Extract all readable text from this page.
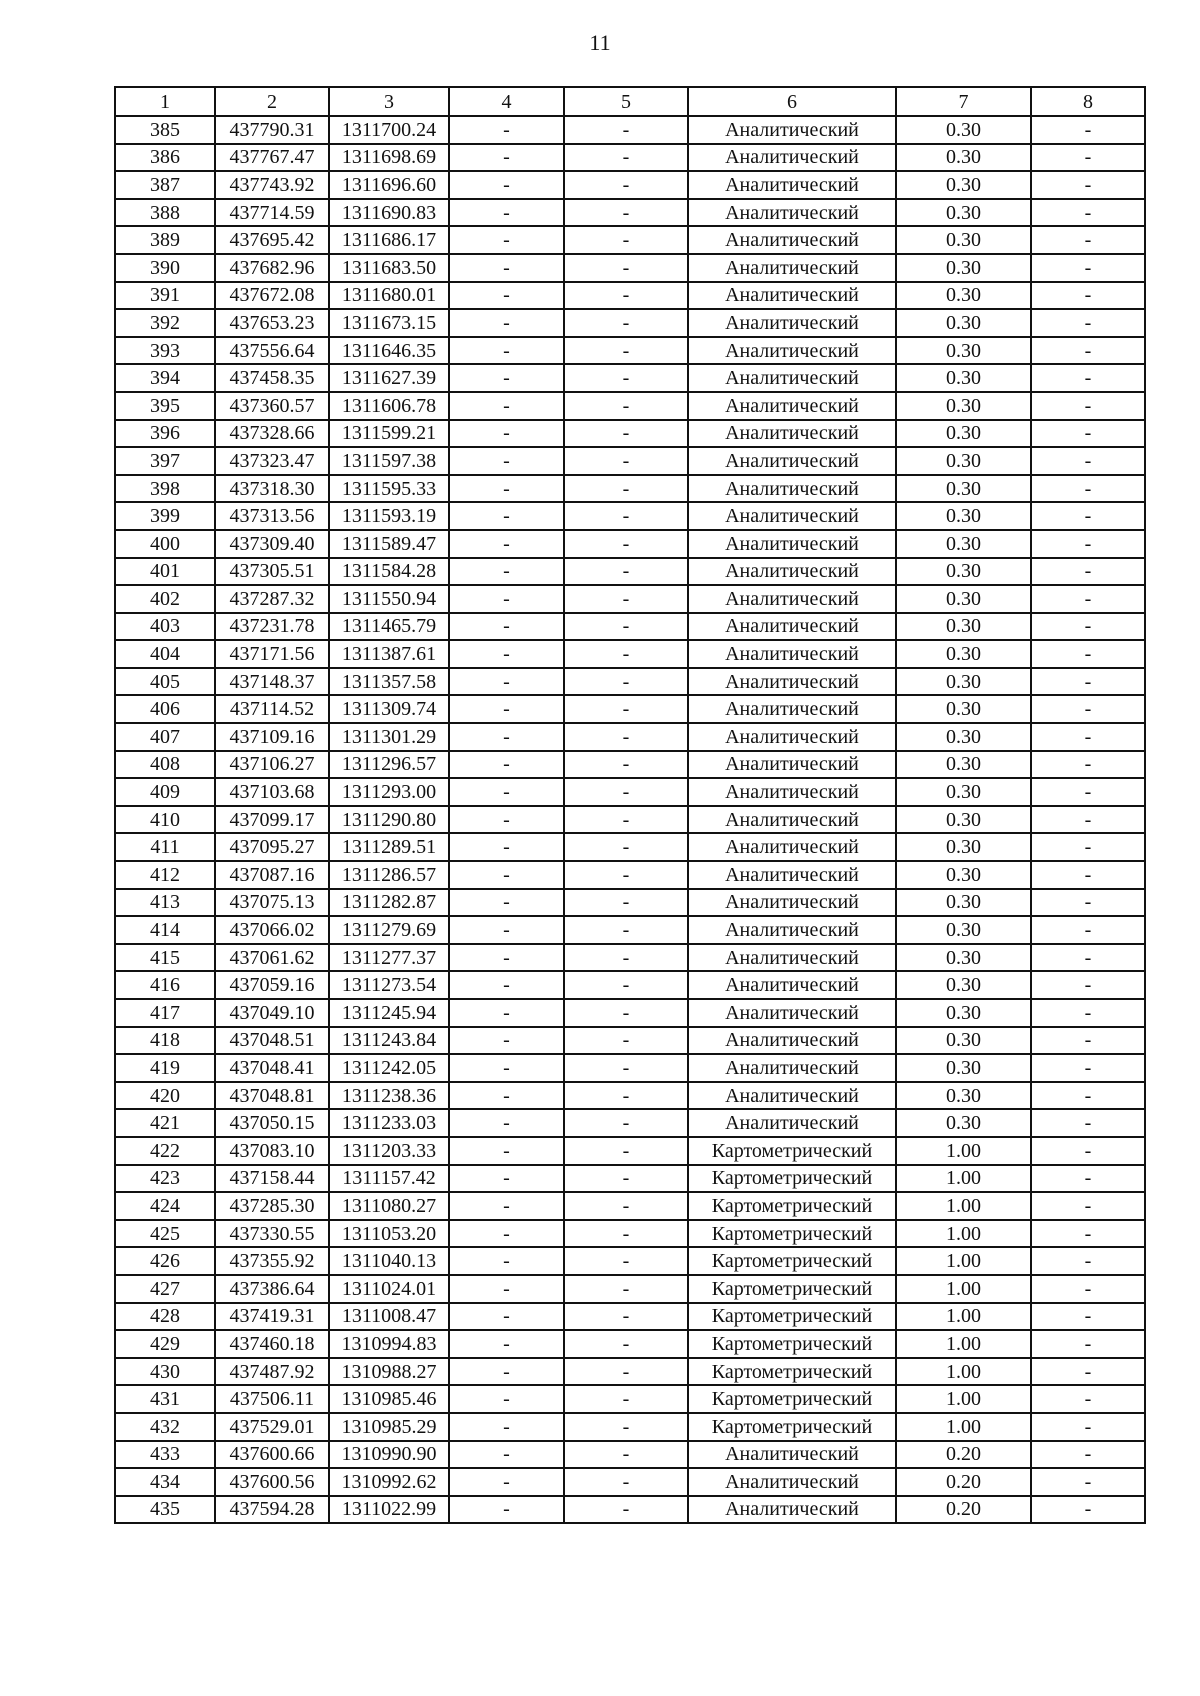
11
1	2	3	4	5	6	7	8
385	437790.31	1311700.24	-	-	Аналитический	0.30	-
386	437767.47	1311698.69	-	-	Аналитический	0.30	-
387	437743.92	1311696.60	-	-	Аналитический	0.30	-
388	437714.59	1311690.83	-	-	Аналитический	0.30	-
389	437695.42	1311686.17	-	-	Аналитический	0.30	-
390	437682.96	1311683.50	-	-	Аналитический	0.30	-
391	437672.08	1311680.01	-	-	Аналитический	0.30	-
392	437653.23	1311673.15	-	-	Аналитический	0.30	-
393	437556.64	1311646.35	-	-	Аналитический	0.30	-
394	437458.35	1311627.39	-	-	Аналитический	0.30	-
395	437360.57	1311606.78	-	-	Аналитический	0.30	-
396	437328.66	1311599.21	-	-	Аналитический	0.30	-
397	437323.47	1311597.38	-	-	Аналитический	0.30	-
398	437318.30	1311595.33	-	-	Аналитический	0.30	-
399	437313.56	1311593.19	-	-	Аналитический	0.30	-
400	437309.40	1311589.47	-	-	Аналитический	0.30	-
401	437305.51	1311584.28	-	-	Аналитический	0.30	-
402	437287.32	1311550.94	-	-	Аналитический	0.30	-
403	437231.78	1311465.79	-	-	Аналитический	0.30	-
404	437171.56	1311387.61	-	-	Аналитический	0.30	-
405	437148.37	1311357.58	-	-	Аналитический	0.30	-
406	437114.52	1311309.74	-	-	Аналитический	0.30	-
407	437109.16	1311301.29	-	-	Аналитический	0.30	-
408	437106.27	1311296.57	-	-	Аналитический	0.30	-
409	437103.68	1311293.00	-	-	Аналитический	0.30	-
410	437099.17	1311290.80	-	-	Аналитический	0.30	-
411	437095.27	1311289.51	-	-	Аналитический	0.30	-
412	437087.16	1311286.57	-	-	Аналитический	0.30	-
413	437075.13	1311282.87	-	-	Аналитический	0.30	-
414	437066.02	1311279.69	-	-	Аналитический	0.30	-
415	437061.62	1311277.37	-	-	Аналитический	0.30	-
416	437059.16	1311273.54	-	-	Аналитический	0.30	-
417	437049.10	1311245.94	-	-	Аналитический	0.30	-
418	437048.51	1311243.84	-	-	Аналитический	0.30	-
419	437048.41	1311242.05	-	-	Аналитический	0.30	-
420	437048.81	1311238.36	-	-	Аналитический	0.30	-
421	437050.15	1311233.03	-	-	Аналитический	0.30	-
422	437083.10	1311203.33	-	-	Картометрический	1.00	-
423	437158.44	1311157.42	-	-	Картометрический	1.00	-
424	437285.30	1311080.27	-	-	Картометрический	1.00	-
425	437330.55	1311053.20	-	-	Картометрический	1.00	-
426	437355.92	1311040.13	-	-	Картометрический	1.00	-
427	437386.64	1311024.01	-	-	Картометрический	1.00	-
428	437419.31	1311008.47	-	-	Картометрический	1.00	-
429	437460.18	1310994.83	-	-	Картометрический	1.00	-
430	437487.92	1310988.27	-	-	Картометрический	1.00	-
431	437506.11	1310985.46	-	-	Картометрический	1.00	-
432	437529.01	1310985.29	-	-	Картометрический	1.00	-
433	437600.66	1310990.90	-	-	Аналитический	0.20	-
434	437600.56	1310992.62	-	-	Аналитический	0.20	-
435	437594.28	1311022.99	-	-	Аналитический	0.20	-
